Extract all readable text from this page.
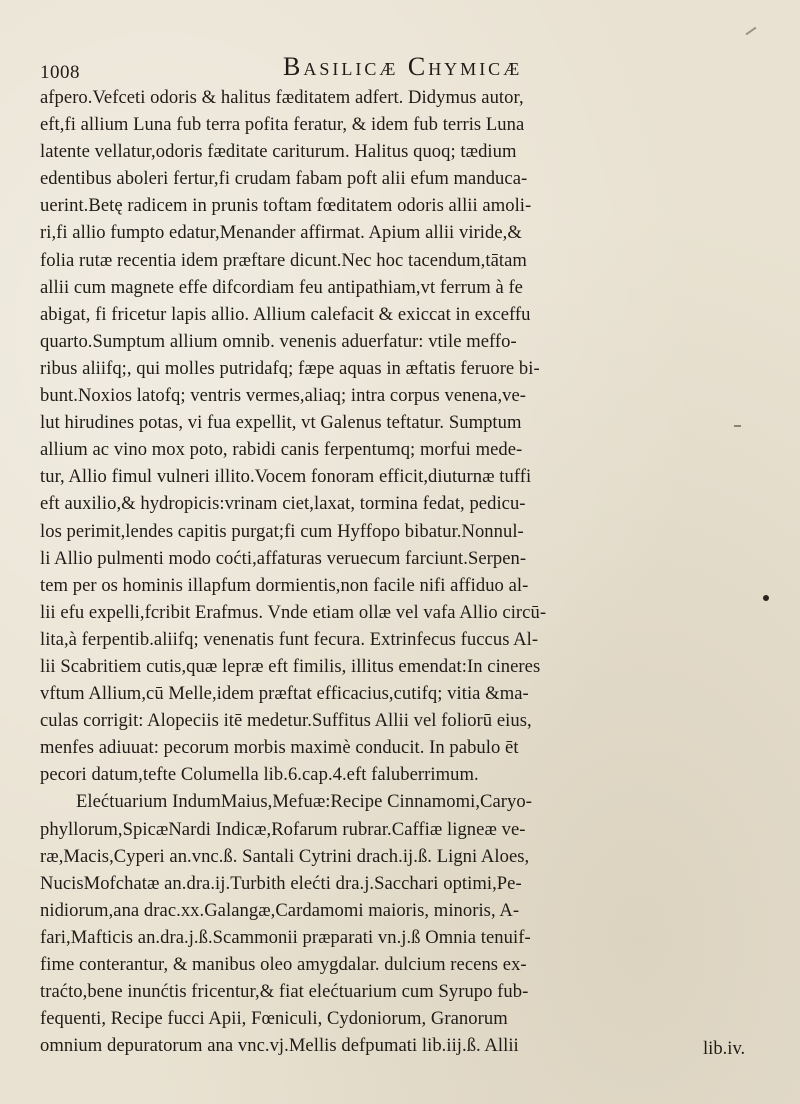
1008	Basilicæ Chymicæ
afpero.Vefceti odoris & halitus fæditatem adfert. Didymus autor,
eft,fi allium Luna fub terra pofita feratur, & idem fub terris Luna
latente vellatur,odoris fæditate cariturum. Halitus quoq; tædium
edentibus aboleri fertur,fi crudam fabam poft alii efum manduca-
uerint.Betę radicem in prunis toftam fœditatem odoris allii amoli-
ri,fi allio fumpto edatur,Menander affirmat. Apium allii viride,&
folia rutæ recentia idem præftare dicunt.Nec hoc tacendum,tātam
allii cum magnete effe difcordiam feu antipathiam,vt ferrum à fe
abigat, fi fricetur lapis allio. Allium calefacit & exiccat in exceffu
quarto.Sumptum allium omnib. venenis aduerfatur: vtile meffo-
ribus aliifq;, qui molles putridafq; fæpe aquas in æftatis feruore bi-
bunt.Noxios latofq; ventris vermes,aliaq; intra corpus venena,ve-
lut hirudines potas, vi fua expellit, vt Galenus teftatur. Sumptum
allium ac vino mox poto, rabidi canis ferpentumq; morfui mede-
tur, Allio fimul vulneri illito.Vocem fonoram efficit,diuturnæ tuffi
eft auxilio,& hydropicis:vrinam ciet,laxat, tormina fedat, pedicu-
los perimit,lendes capitis purgat;fi cum Hyffopo bibatur.Nonnul-
li Allio pulmenti modo coćti,affaturas veruecum farciunt.Serpen-
tem per os hominis illapfum dormientis,non facile nifi affiduo al-
lii efu expelli,fcribit Erafmus. Vnde etiam ollæ vel vafa Allio circū-
lita,à ferpentib.aliifq; venenatis funt fecura. Extrinfecus fuccus Al-
lii Scabritiem cutis,quæ lepræ eft fimilis, illitus emendat:In cineres
vftum Allium,cū Melle,idem præftat efficacius,cutifq; vitia &ma-
culas corrigit: Alopeciis itē medetur.Suffitus Allii vel foliorū eius,
menfes adiuuat: pecorum morbis maximè conducit. In pabulo ēt
pecori datum,tefte Columella lib.6.cap.4.eft faluberrimum.
Elećtuarium IndumMaius,Mefuæ:Recipe Cinnamomi,Caryo-
phyllorum,SpicæNardi Indicæ,Rofarum rubrar.Caffiæ ligneæ ve-
ræ,Macis,Cyperi an.vnc.ß. Santali Cytrini drach.ij.ß. Ligni Aloes,
NucisMofchatæ an.dra.ij.Turbith elećti dra.j.Sacchari optimi,Pe-
nidiorum,ana drac.xx.Galangæ,Cardamomi maioris, minoris, A-
fari,Mafticis an.dra.j.ß.Scammonii præparati vn.j.ß Omnia tenuif-
fime conterantur, & manibus oleo amygdalar. dulcium recens ex-
traćto,bene inunćtis fricentur,& fiat elećtuarium cum Syrupo fub-
fequenti, Recipe fucci Apii, Fœniculi, Cydoniorum, Granorum
omnium depuratorum ana vnc.vj.Mellis defpumati lib.iij.ß. Allii	lib.iv.
